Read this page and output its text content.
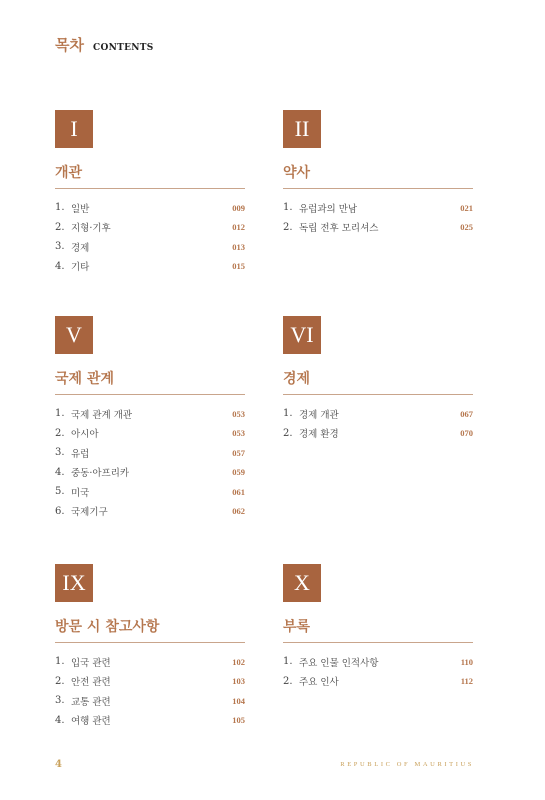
목차 CONTENTS
I
개관
1. 일반	009
2. 지형·기후	012
3. 경제	013
4. 기타	015
II
약사
1. 유럽과의 만남	021
2. 독립 전후 모리셔스	025
V
국제 관계
1. 국제 관계 개관	053
2. 아시아	053
3. 유럽	057
4. 중동·아프리카	059
5. 미국	061
6. 국제기구	062
VI
경제
1. 경제 개관	067
2. 경제 환경	070
IX
방문 시 참고사항
1. 입국 관련	102
2. 안전 관련	103
3. 교통 관련	104
4. 여행 관련	105
X
부록
1. 주요 인물 인적사항	110
2. 주요 인사	112
4	REPUBLIC OF MAURITIUS
